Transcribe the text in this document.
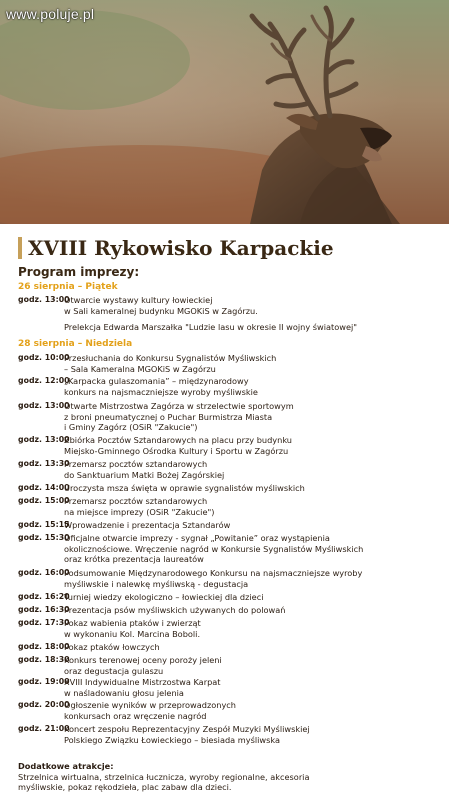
www.poluje.pl
XVIII Rykowisko Karpackie
Program imprezy:
26 sierpnia – Piątek
godz. 13:00
Otwarcie wystawy kultury łowieckiej
w Sali kameralnej budynku MGOKiS w Zagórzu.
Prelekcja Edwarda Marszałka "Ludzie lasu w okresie II wojny światowej"
28 sierpnia – Niedziela
godz. 10:00
Przesłuchania do Konkursu Sygnalistów Myśliwskich
– Sala Kameralna MGOKiS w Zagórzu
godz. 12:00
„Karpacka gulaszomania” – międzynarodowy
konkurs na najsmaczniejsze wyroby myśliwskie
godz. 13:00
Otwarte Mistrzostwa Zagórza w strzelectwie sportowym
z broni pneumatycznej o Puchar Burmistrza Miasta
i Gminy Zagórz (OSiR "Zakucie")
godz. 13:00
Zbiórka Pocztów Sztandarowych na placu przy budynku
Miejsko-Gminnego Ośrodka Kultury i Sportu w Zagórzu
godz. 13:30
Przemarsz pocztów sztandarowych
do Sanktuarium Matki Bożej Zagórskiej
godz. 14:00
Uroczysta msza święta w oprawie sygnalistów myśliwskich
godz. 15:00
Przemarsz pocztów sztandarowych
na miejsce imprezy (OSiR "Zakucie")
godz. 15:15
Wprowadzenie i prezentacja Sztandarów
godz. 15:30
Oficjalne otwarcie imprezy - sygnał „Powitanie” oraz wystąpienia
okolicznościowe. Wręczenie nagród w Konkursie Sygnalistów Myśliwskich
oraz krótka prezentacja laureatów
godz. 16:00
Podsumowanie Międzynarodowego Konkursu na najsmaczniejsze wyroby
myśliwskie i nalewkę myśliwską - degustacja
godz. 16:20
Turniej wiedzy ekologiczno – łowieckiej dla dzieci
godz. 16:30
Prezentacja psów myśliwskich używanych do polowań
godz. 17:30
Pokaz wabienia ptaków i zwierząt
w wykonaniu Kol. Marcina Boboli.
godz. 18:00
Pokaz ptaków łowczych
godz. 18:30
Konkurs terenowej oceny poroży jeleni
oraz degustacja gulaszu
godz. 19:00
XVIII Indywidualne Mistrzostwa Karpat
w naśladowaniu głosu jelenia
godz. 20:00
Ogłoszenie wyników w przeprowadzonych
konkursach oraz wręczenie nagród
godz. 21:00
Koncert zespołu Reprezentacyjny Zespół Muzyki Myśliwskiej
Polskiego Związku Łowieckiego – biesiada myśliwska
Dodatkowe atrakcje:
Strzelnica wirtualna, strzelnica łucznicza, wyroby regionalne, akcesoria
myśliwskie, pokaz rękodzieła, plac zabaw dla dzieci.
